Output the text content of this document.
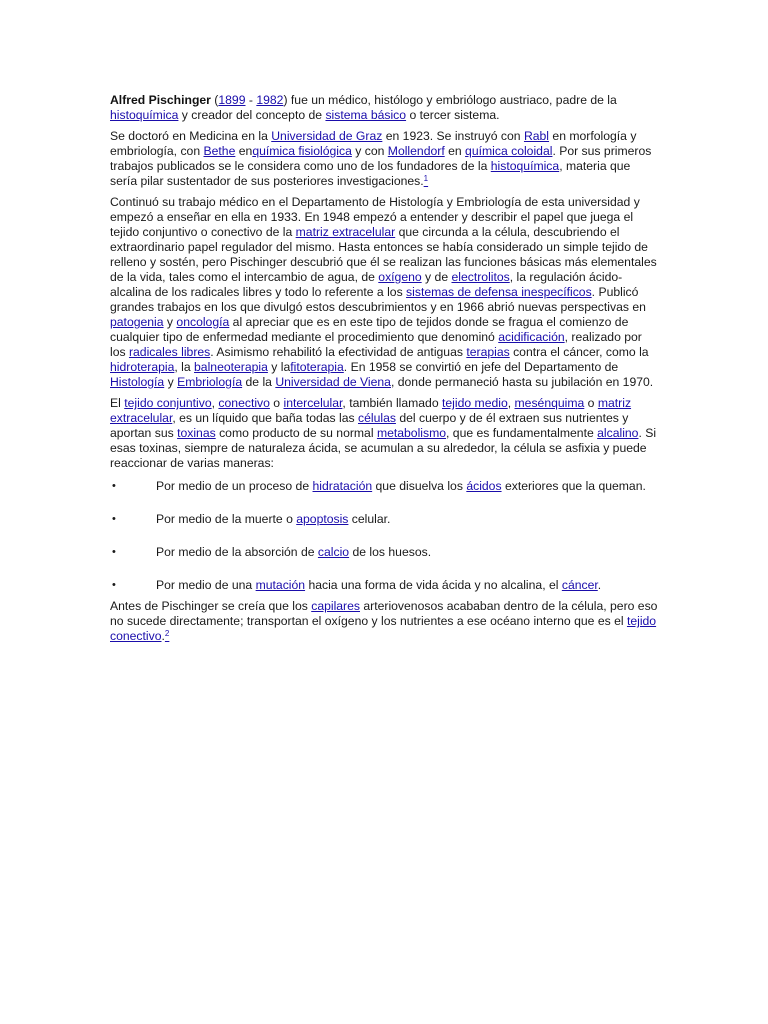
Alfred Pischinger (1899 - 1982) fue un médico, histólogo y embriólogo austriaco, padre de la histoquímica y creador del concepto de sistema básico o tercer sistema.

Se doctoró en Medicina en la Universidad de Graz en 1923. Se instruyó con Rabl en morfología y embriología, con Bethe enquímica fisiológica y con Mollendorf en química coloidal. Por sus primeros trabajos publicados se le considera como uno de los fundadores de la histoquímica, materia que sería pilar sustentador de sus posteriores investigaciones.$^1$

Continuó su trabajo médico en el Departamento de Histología y Embriología de esta universidad y empezó a enseñar en ella en 1933. En 1948 empezó a entender y describir el papel que juega el tejido conjuntivo o conectivo de la matriz extracelular que circunda a la célula, descubriendo el extraordinario papel regulador del mismo. Hasta entonces se había considerado un simple tejido de relleno y sostén, pero Pischinger descubrió que él se realizan las funciones básicas más elementales de la vida, tales como el intercambio de agua, de oxígeno y de electrolitos, la regulación ácido-alcalina de los radicales libres y todo lo referente a los sistemas de defensa inespecíficos. Publicó grandes trabajos en los que divulgó estos descubrimientos y en 1966 abrió nuevas perspectivas en patogenia y oncología al apreciar que es en este tipo de tejidos donde se fragua el comienzo de cualquier tipo de enfermedad mediante el procedimiento que denominó acidificación, realizado por los radicales libres. Asimismo rehabilitó la efectividad de antiguas terapias contra el cáncer, como la hidroterapia, la balneoterapia y lafitoterapia. En 1958 se convirtió en jefe del Departamento de Histología y Embriología de la Universidad de Viena, donde permaneció hasta su jubilación en 1970.

El tejido conjuntivo, conectivo o intercelular, también llamado tejido medio, mesénquima o matriz extracelular, es un líquido que baña todas las células del cuerpo y de él extraen sus nutrientes y aportan sus toxinas como producto de su normal metabolismo, que es fundamentalmente alcalino. Si esas toxinas, siempre de naturaleza ácida, se acumulan a su alrededor, la célula se asfixia y puede reaccionar de varias maneras:

•	Por medio de un proceso de hidratación que disuelva los ácidos exteriores que la queman.
•	Por medio de la muerte o apoptosis celular.
•	Por medio de la absorción de calcio de los huesos.
•	Por medio de una mutación hacia una forma de vida ácida y no alcalina, el cáncer.

Antes de Pischinger se creía que los capilares arteriovenosos acababan dentro de la célula, pero eso no sucede directamente; transportan el oxígeno y los nutrientes a ese océano interno que es el tejido conectivo.$^2$
